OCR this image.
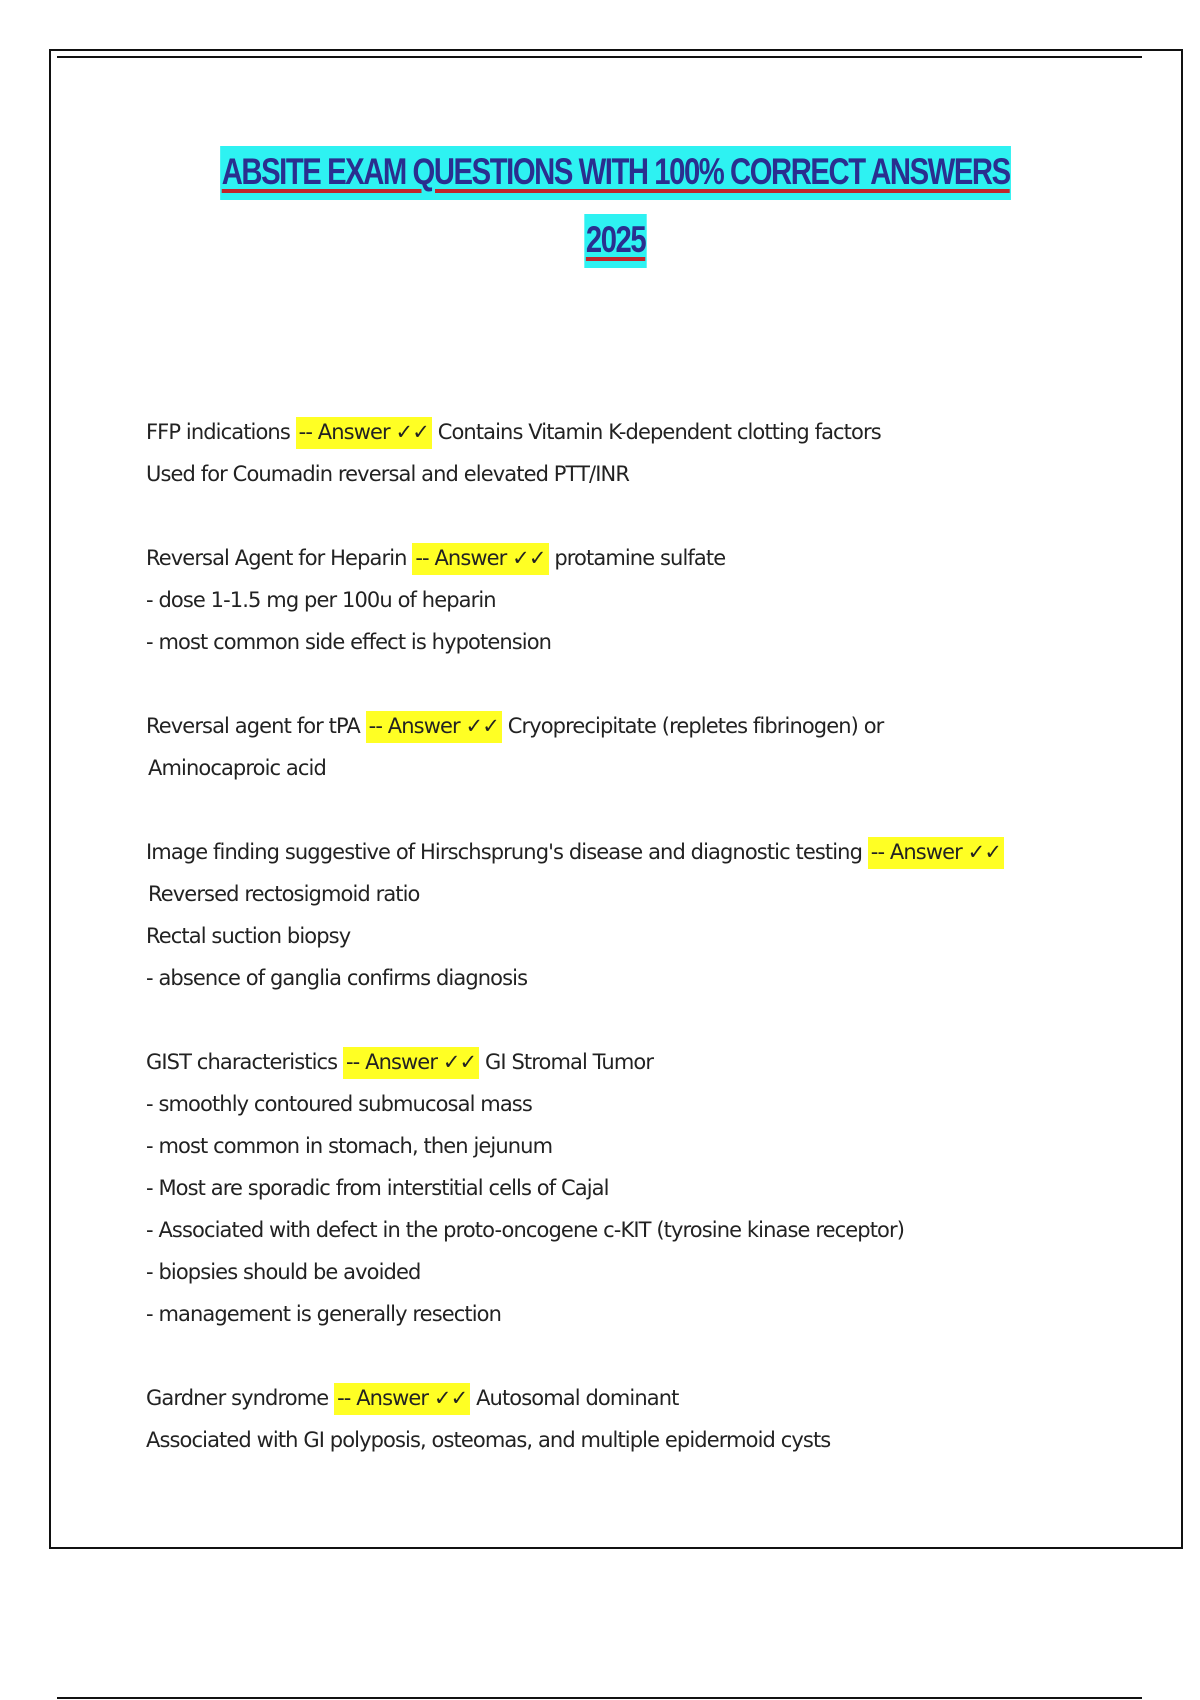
ABSITE EXAM QUESTIONS WITH 100% CORRECT ANSWERS
2025
FFP indications -- Answer ✓✓ Contains Vitamin K-dependent clotting factors
Used for Coumadin reversal and elevated PTT/INR
Reversal Agent for Heparin -- Answer ✓✓ protamine sulfate
- dose 1-1.5 mg per 100u of heparin
- most common side effect is hypotension
Reversal agent for tPA -- Answer ✓✓ Cryoprecipitate (repletes fibrinogen) or
Aminocaproic acid
Image finding suggestive of Hirschsprung's disease and diagnostic testing -- Answer ✓✓
Reversed rectosigmoid ratio
Rectal suction biopsy
- absence of ganglia confirms diagnosis
GIST characteristics -- Answer ✓✓ GI Stromal Tumor
- smoothly contoured submucosal mass
- most common in stomach, then jejunum
- Most are sporadic from interstitial cells of Cajal
- Associated with defect in the proto-oncogene c-KIT (tyrosine kinase receptor)
- biopsies should be avoided
- management is generally resection
Gardner syndrome -- Answer ✓✓ Autosomal dominant
Associated with GI polyposis, osteomas, and multiple epidermoid cysts
